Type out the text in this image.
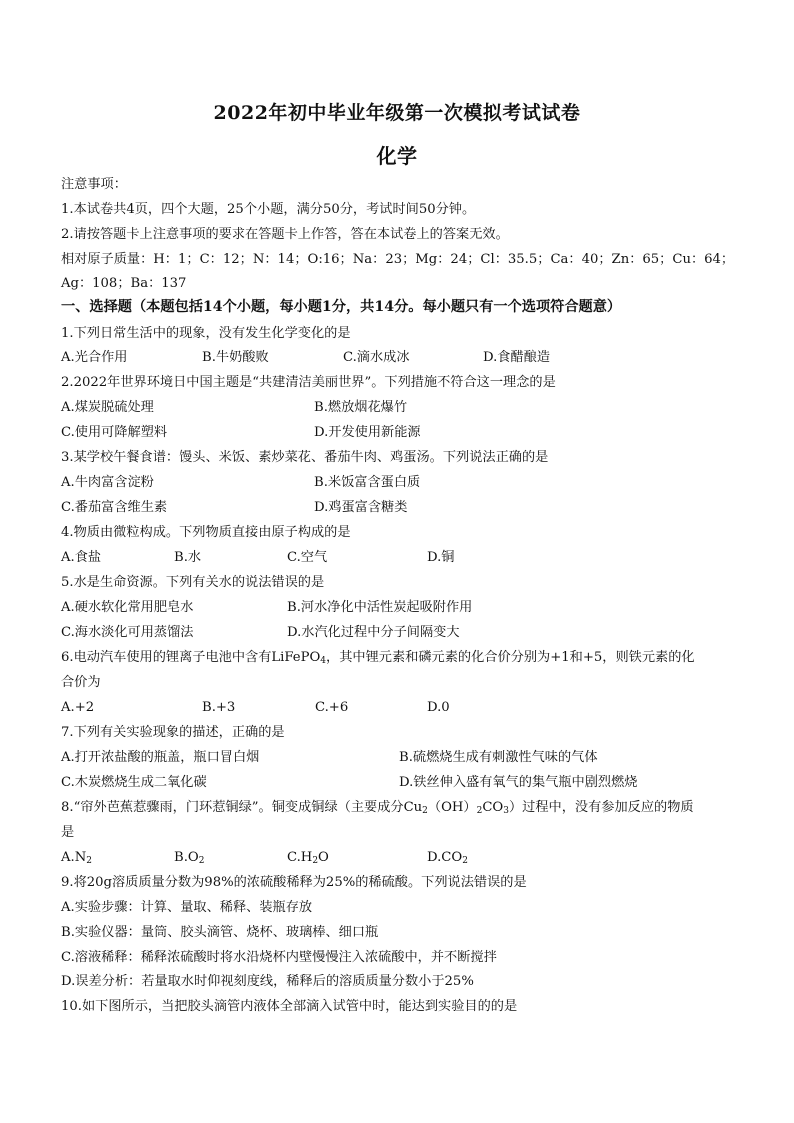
2022年初中毕业年级第一次模拟考试试卷
化学
注意事项：
1.本试卷共4页，四个大题，25个小题，满分50分，考试时间50分钟。
2.请按答题卡上注意事项的要求在答题卡上作答，答在本试卷上的答案无效。
相对原子质量：H：1；C：12；N：14；O:16；Na：23；Mg：24；Cl：35.5；Ca：40；Zn：65；Cu：64；
Ag：108；Ba：137
一、选择题（本题包括14个小题，每小题1分，共14分。每小题只有一个选项符合题意）
1.下列日常生活中的现象，没有发生化学变化的是
A.光合作用	B.牛奶酸败	C.滴水成冰	D.食醋酿造
2.2022年世界环境日中国主题是“共建清洁美丽世界”。下列措施不符合这一理念的是
A.煤炭脱硫处理	B.燃放烟花爆竹
C.使用可降解塑料	D.开发使用新能源
3.某学校午餐食谱：馒头、米饭、素炒菜花、番茄牛肉、鸡蛋汤。下列说法正确的是
A.牛肉富含淀粉	B.米饭富含蛋白质
C.番茄富含维生素	D.鸡蛋富含糖类
4.物质由微粒构成。下列物质直接由原子构成的是
A.食盐	B.水	C.空气	D.铜
5.水是生命资源。下列有关水的说法错误的是
A.硬水软化常用肥皂水	B.河水净化中活性炭起吸附作用
C.海水淡化可用蒸馏法	D.水汽化过程中分子间隔变大
6.电动汽车使用的锂离子电池中含有LiFePO$_4$，其中锂元素和磷元素的化合价分别为+1和+5，则铁元素的化
合价为
A.+2	B.+3	C.+6	D.0
7.下列有关实验现象的描述，正确的是
A.打开浓盐酸的瓶盖，瓶口冒白烟	B.硫燃烧生成有刺激性气味的气体
C.木炭燃烧生成二氧化碳	D.铁丝伸入盛有氧气的集气瓶中剧烈燃烧
8.“帘外芭蕉惹骤雨，门环惹铜绿”。铜变成铜绿（主要成分$Cu_2(OH)_2CO_3$）过程中，没有参加反应的物质
是
$A.N_2$	$B.O_2$	$C.H_2O$	$D.CO_2$
9.将20g溶质质量分数为98%的浓硫酸稀释为25%的稀硫酸。下列说法错误的是
A.实验步骤：计算、量取、稀释、装瓶存放
B.实验仪器：量筒、胶头滴管、烧杯、玻璃棒、细口瓶
C.溶液稀释：稀释浓硫酸时将水沿烧杯内壁慢慢注入浓硫酸中，并不断搅拌
D.误差分析：若量取水时仰视刻度线，稀释后的溶质质量分数小于25%
10.如下图所示，当把胶头滴管内液体全部滴入试管中时，能达到实验目的的是
